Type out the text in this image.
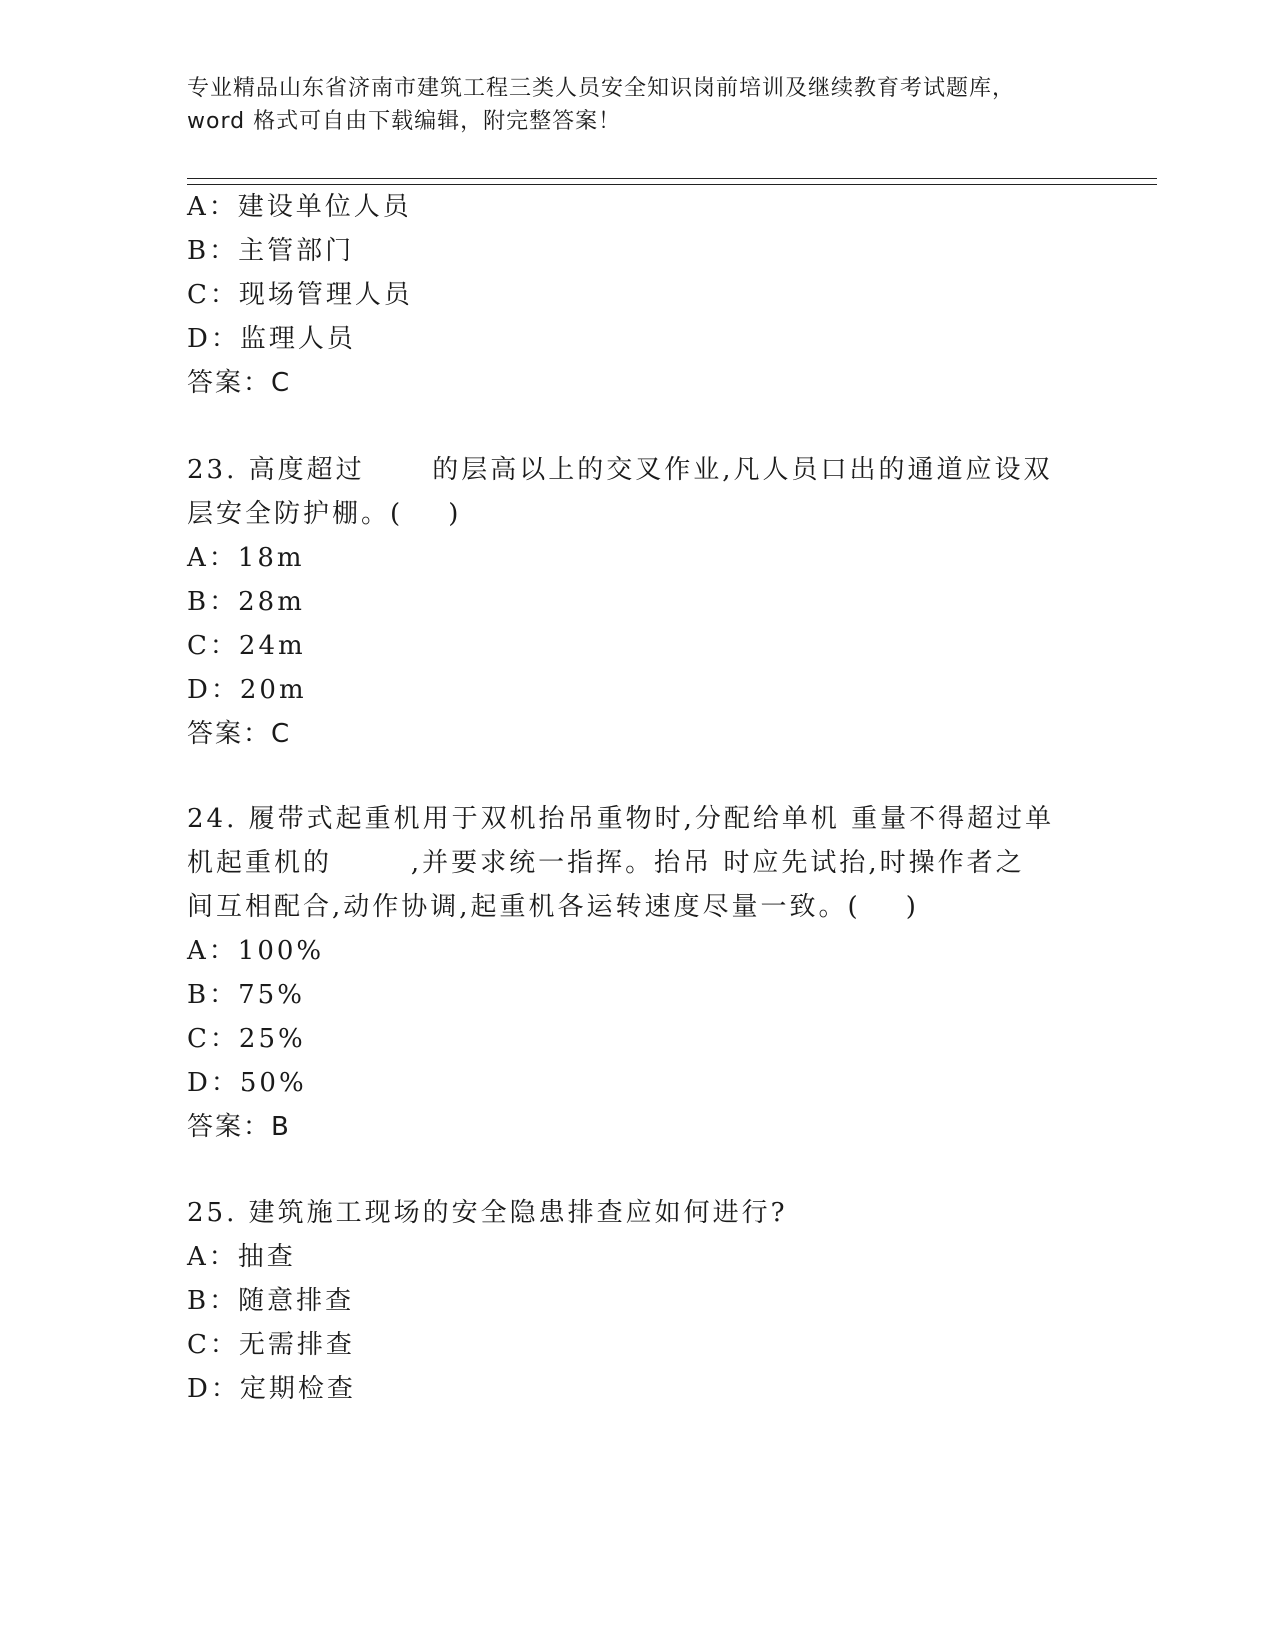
专业精品山东省济南市建筑工程三类人员安全知识岗前培训及继续教育考试题库，
word 格式可自由下载编辑，附完整答案！
A：建设单位人员
B：主管部门
C：现场管理人员
D：监理人员
答案：C
23. 高度超过      的层高以上的交叉作业,凡人员口出的通道应设双
层安全防护棚。(    )
A：18m
B：28m
C：24m
D：20m
答案：C
24. 履带式起重机用于双机抬吊重物时,分配给单机 重量不得超过单
机起重机的       ,并要求统一指挥。抬吊 时应先试抬,时操作者之
间互相配合,动作协调,起重机各运转速度尽量一致。(    )
A：100%
B：75%
C：25%
D：50%
答案：B
25. 建筑施工现场的安全隐患排查应如何进行?
A：抽查
B：随意排查
C：无需排查
D：定期检查
